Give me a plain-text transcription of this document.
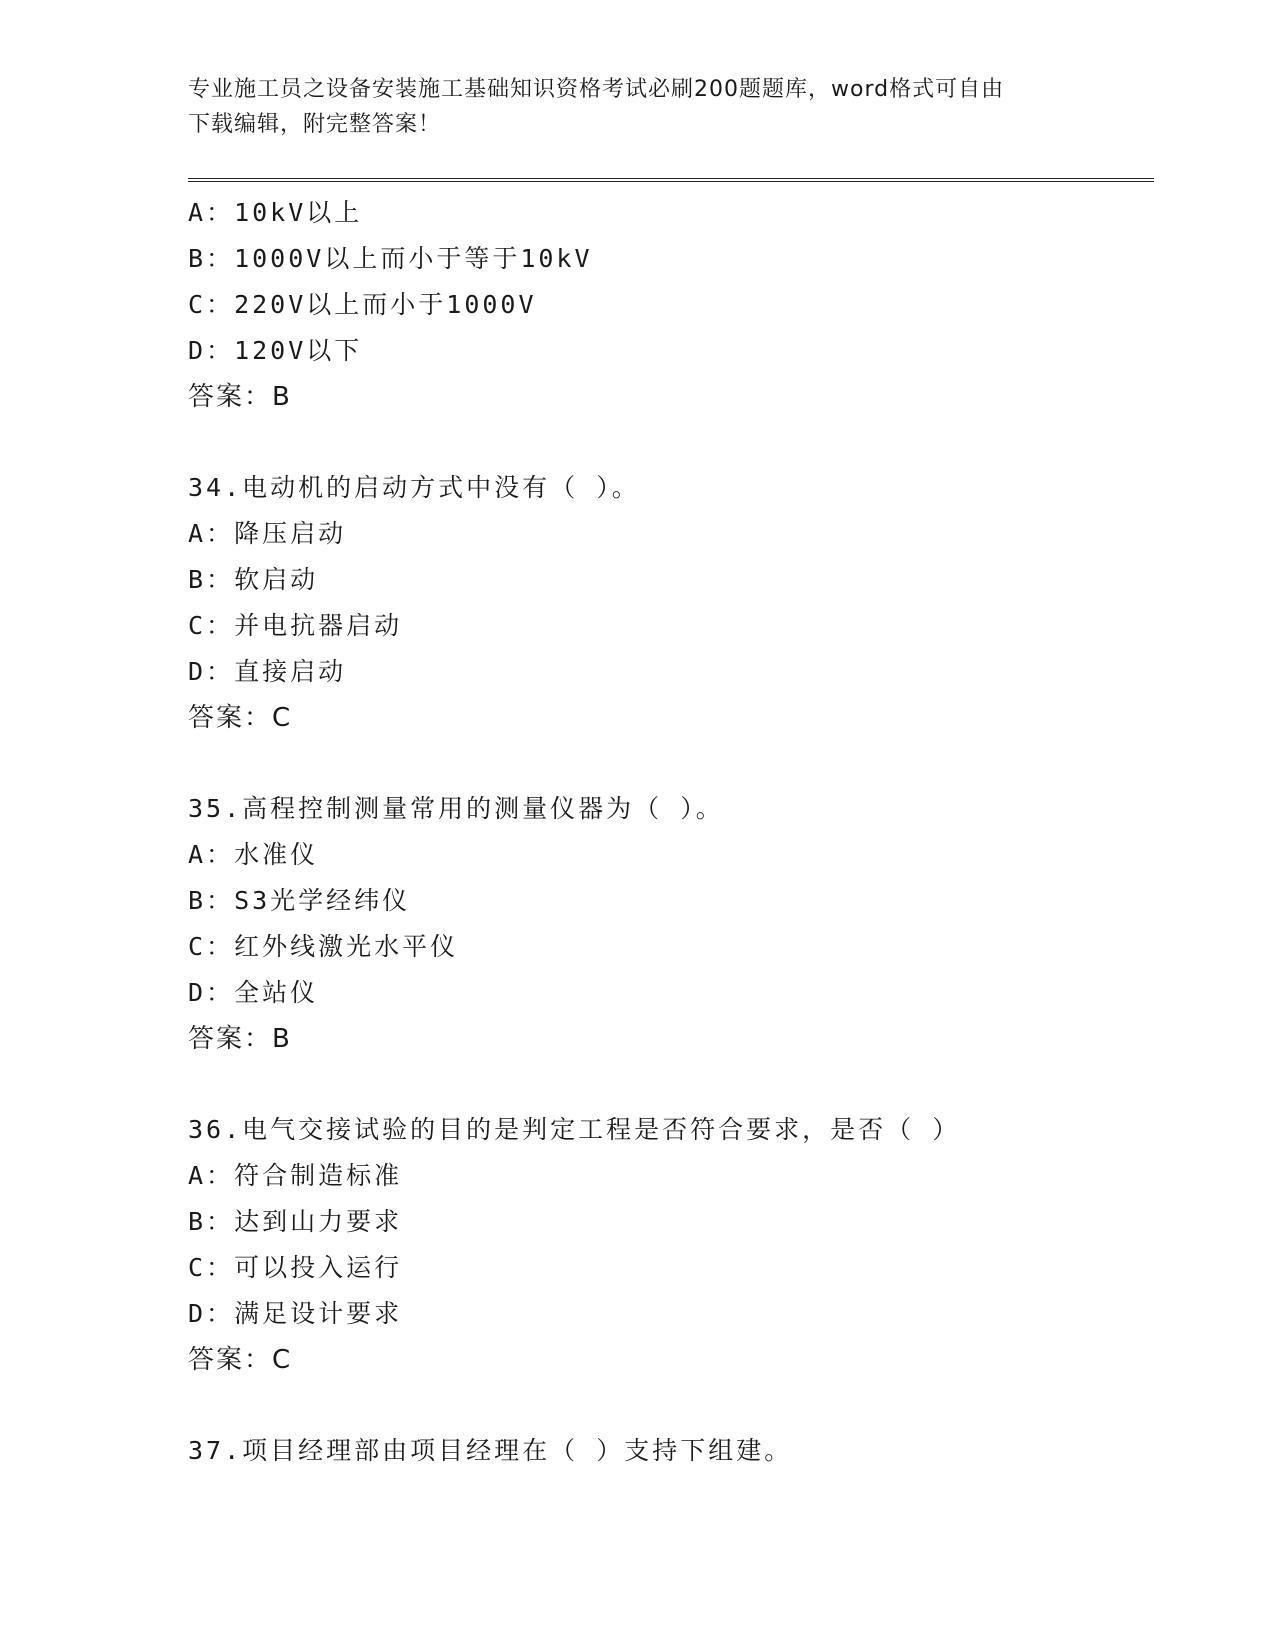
专业施工员之设备安装施工基础知识资格考试必刷200题题库，word格式可自由
下载编辑，附完整答案！
A：10kV以上
B：1000V以上而小于等于10kV
C：220V以上而小于1000V
D：120V以下
答案：B
34.电动机的启动方式中没有（ ）。
A：降压启动
B：软启动
C：并电抗器启动
D：直接启动
答案：C
35.高程控制测量常用的测量仪器为（ ）。
A：水准仪
B：S3光学经纬仪
C：红外线激光水平仪
D：全站仪
答案：B
36.电气交接试验的目的是判定工程是否符合要求，是否（ ）
A：符合制造标准
B：达到山力要求
C：可以投入运行
D：满足设计要求
答案：C
37.项目经理部由项目经理在（ ）支持下组建。
